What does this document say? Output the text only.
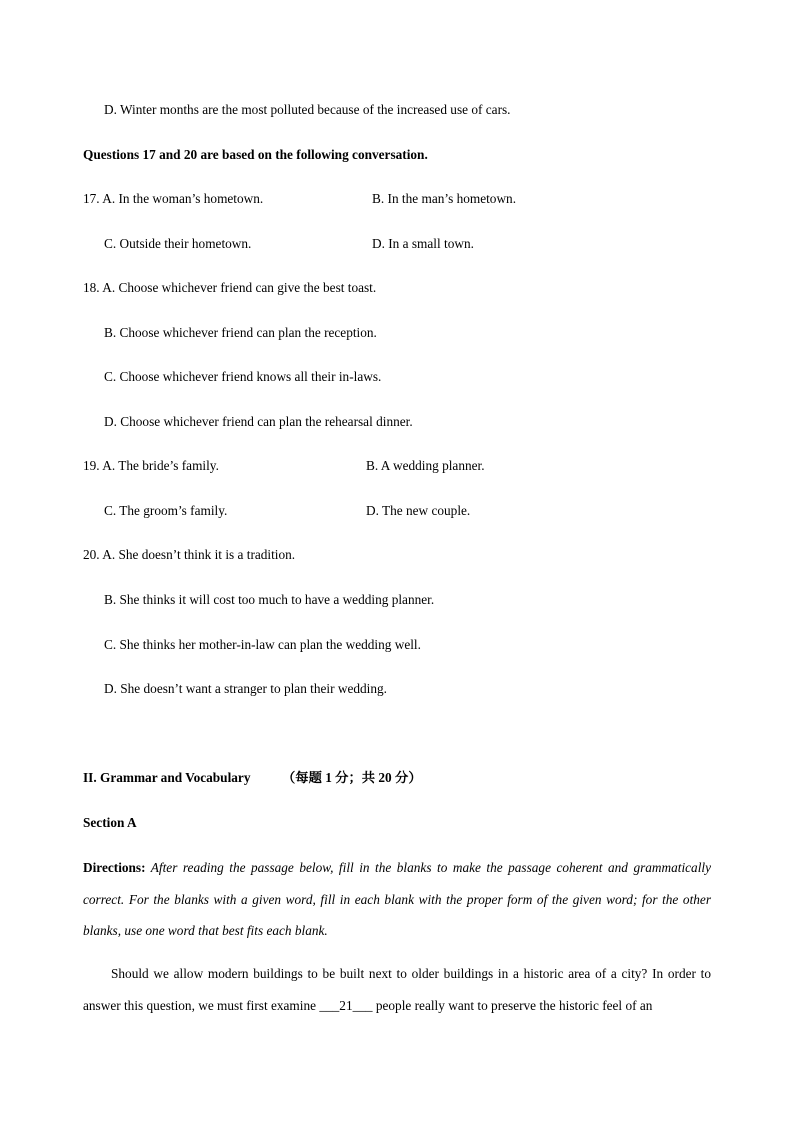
D. Winter months are the most polluted because of the increased use of cars.
Questions 17 and 20 are based on the following conversation.
17. A. In the woman’s hometown.	B. In the man’s hometown.
C. Outside their hometown.	D. In a small town.
18. A. Choose whichever friend can give the best toast.
B. Choose whichever friend can plan the reception.
C. Choose whichever friend knows all their in-laws.
D. Choose whichever friend can plan the rehearsal dinner.
19. A. The bride’s family.	B. A wedding planner.
C. The groom’s family.	D. The new couple.
20. A. She doesn’t think it is a tradition.
B. She thinks it will cost too much to have a wedding planner.
C. She thinks her mother-in-law can plan the wedding well.
D. She doesn’t want a stranger to plan their wedding.
II. Grammar and Vocabulary （每题 1 分；共 20 分）
Section A
Directions: After reading the passage below, fill in the blanks to make the passage coherent and grammatically correct. For the blanks with a given word, fill in each blank with the proper form of the given word; for the other blanks, use one word that best fits each blank.
Should we allow modern buildings to be built next to older buildings in a historic area of a city? In order to answer this question, we must first examine ___21___ people really want to preserve the historic feel of an
